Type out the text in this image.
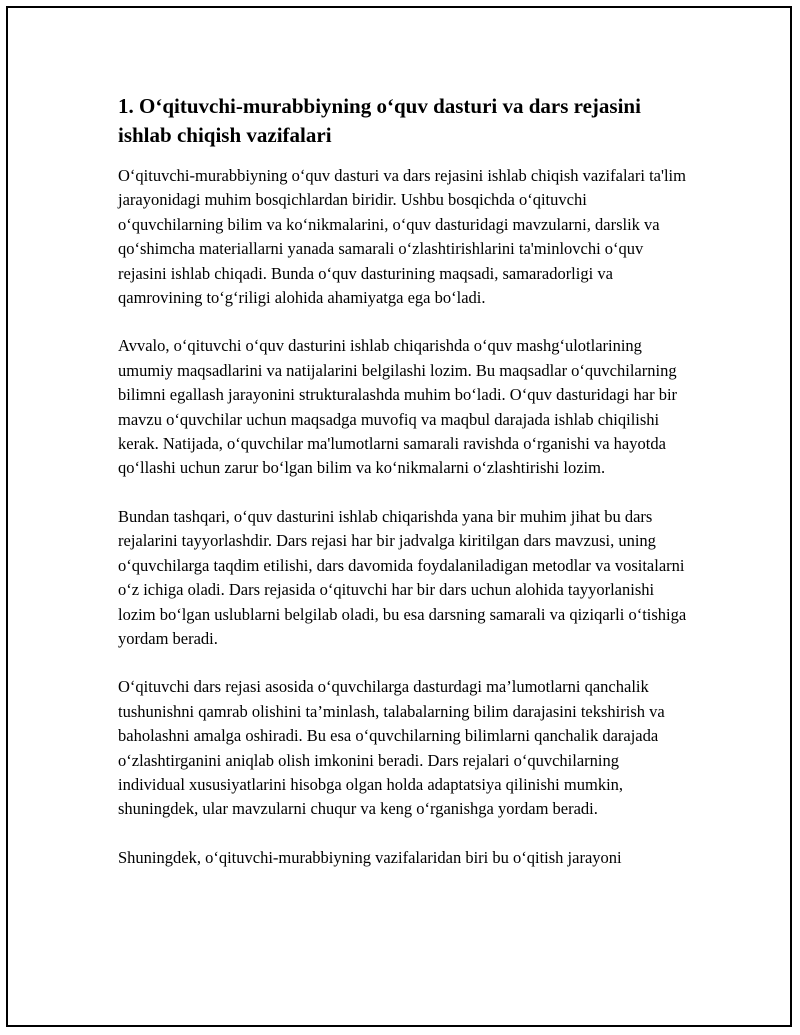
1. O‘qituvchi-murabbiyning o‘quv dasturi va dars rejasini ishlab chiqish vazifalari

O‘qituvchi-murabbiyning o‘quv dasturi va dars rejasini ishlab chiqish vazifalari ta'lim jarayonidagi muhim bosqichlardan biridir. Ushbu bosqichda o‘qituvchi o‘quvchilarning bilim va ko‘nikmalarini, o‘quv dasturidagi mavzularni, darslik va qo‘shimcha materiallarni yanada samarali o‘zlashtirishlarini ta'minlovchi o‘quv rejasini ishlab chiqadi. Bunda o‘quv dasturining maqsadi, samaradorligi va qamrovining to‘g‘riligi alohida ahamiyatga ega bo‘ladi.

Avvalo, o‘qituvchi o‘quv dasturini ishlab chiqarishda o‘quv mashg‘ulotlarining umumiy maqsadlarini va natijalarini belgilashi lozim. Bu maqsadlar o‘quvchilarning bilimni egallash jarayonini strukturalashda muhim bo‘ladi. O‘quv dasturidagi har bir mavzu o‘quvchilar uchun maqsadga muvofiq va maqbul darajada ishlab chiqilishi kerak. Natijada, o‘quvchilar ma'lumotlarni samarali ravishda o‘rganishi va hayotda qo‘llashi uchun zarur bo‘lgan bilim va ko‘nikmalarni o‘zlashtirishi lozim.

Bundan tashqari, o‘quv dasturini ishlab chiqarishda yana bir muhim jihat bu dars rejalarini tayyorlashdir. Dars rejasi har bir jadvalga kiritilgan dars mavzusi, uning o‘quvchilarga taqdim etilishi, dars davomida foydalaniladigan metodlar va vositalarni o‘z ichiga oladi. Dars rejasida o‘qituvchi har bir dars uchun alohida tayyorlanishi lozim bo‘lgan uslublarni belgilab oladi, bu esa darsning samarali va qiziqarli o‘tishiga yordam beradi.

O‘qituvchi dars rejasi asosida o‘quvchilarga dasturdagi ma’lumotlarni qanchalik tushunishni qamrab olishini ta’minlash, talabalarning bilim darajasini tekshirish va baholashni amalga oshiradi. Bu esa o‘quvchilarning bilimlarni qanchalik darajada o‘zlashtirganini aniqlab olish imkonini beradi. Dars rejalari o‘quvchilarning individual xususiyatlarini hisobga olgan holda adaptatsiya qilinishi mumkin, shuningdek, ular mavzularni chuqur va keng o‘rganishga yordam beradi.

Shuningdek, o‘qituvchi-murabbiyning vazifalaridan biri bu o‘qitish jarayoni
